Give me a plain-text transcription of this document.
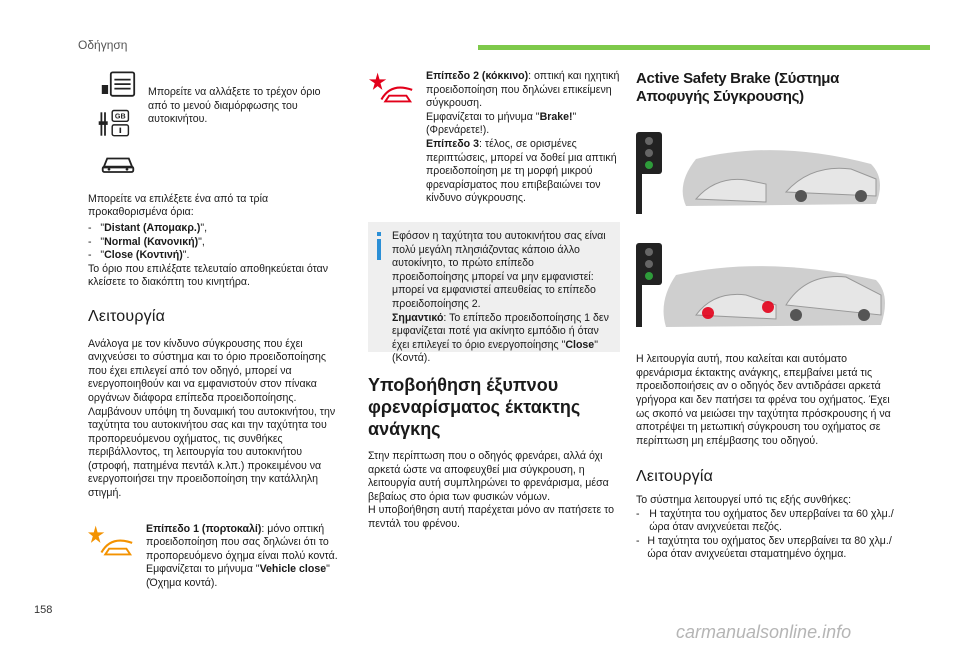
Οδήγηση
GB
Μπορείτε να αλλάξετε το τρέχον όριο από το μενού διαμόρφωσης του αυτοκινήτου.
Μπορείτε να επιλέξετε ένα από τα τρία προκαθορισμένα όρια:
-   "Distant (Απομακρ.)",
-   "Normal (Κανονική)",
-   "Close (Κοντινή)".
Το όριο που επιλέξατε τελευταίο αποθηκεύεται όταν κλείσετε το διακόπτη του κινητήρα.
Λειτουργία
Ανάλογα με τον κίνδυνο σύγκρουσης που έχει ανιχνεύσει το σύστημα και το όριο προειδοποίησης που έχει επιλεγεί από τον οδηγό, μπορεί να ενεργοποιηθούν και να εμφανιστούν στον πίνακα οργάνων διάφορα επίπεδα προειδοποίησης. Λαμβάνουν υπόψη τη δυναμική του αυτοκινήτου, την ταχύτητα του αυτοκινήτου σας και την ταχύτητα του προπορευόμενου οχήματος, τις συνθήκες περιβάλλοντος, τη λειτουργία του αυτοκινήτου (στροφή, πατημένα πεντάλ κ.λπ.) προκειμένου να ενεργοποιήσει την προειδοποίηση την κατάλληλη στιγμή.
Επίπεδο 1 (πορτοκαλί): μόνο οπτική προειδοποίηση που σας δηλώνει ότι το προπορευόμενο όχημα είναι πολύ κοντά.
Εμφανίζεται το μήνυμα "Vehicle close" (Όχημα κοντά).
Επίπεδο 2 (κόκκινο): οπτική και ηχητική προειδοποίηση που δηλώνει επικείμενη σύγκρουση.
Εμφανίζεται το μήνυμα "Brake!" (Φρενάρετε!).
Επίπεδο 3: τέλος, σε ορισμένες περιπτώσεις, μπορεί να δοθεί μια απτική προειδοποίηση με τη μορφή μικρού φρεναρίσματος που επιβεβαιώνει τον κίνδυνο σύγκρουσης.
Εφόσον η ταχύτητα του αυτοκινήτου σας είναι πολύ μεγάλη πλησιάζοντας κάποιο άλλο αυτοκίνητο, το πρώτο επίπεδο προειδοποίησης μπορεί να μην εμφανιστεί: μπορεί να εμφανιστεί απευθείας το επίπεδο προειδοποίησης 2.
Σημαντικό: Το επίπεδο προειδοποίησης 1 δεν εμφανίζεται ποτέ για ακίνητο εμπόδιο ή όταν έχει επιλεγεί το όριο ενεργοποίησης "Close" (Κοντά).
Υποβοήθηση έξυπνου φρεναρίσματος έκτακτης ανάγκης
Στην περίπτωση που ο οδηγός φρενάρει, αλλά όχι αρκετά ώστε να αποφευχθεί μια σύγκρουση, η λειτουργία αυτή συμπληρώνει το φρενάρισμα, μέσα βεβαίως στο όρια των φυσικών νόμων.
Η υποβοήθηση αυτή παρέχεται μόνο αν πατήσετε το πεντάλ του φρένου.
Active Safety Brake (Σύστημα Αποφυγής Σύγκρουσης)

Η λειτουργία αυτή, που καλείται και αυτόματο φρενάρισμα έκτακτης ανάγκης, επεμβαίνει μετά τις προειδοποιήσεις αν ο οδηγός δεν αντιδράσει αρκετά γρήγορα και δεν πατήσει τα φρένα του οχήματος. Έχει ως σκοπό να μειώσει την ταχύτητα πρόσκρουσης ή να αποτρέψει τη μετωπική σύγκρουση του οχήματος σε περίπτωση μη επέμβασης του οδηγού.
Λειτουργία
Το σύστημα λειτουργεί υπό τις εξής συνθήκες:
- Η ταχύτητα του οχήματος δεν υπερβαίνει τα 60 χλμ./ώρα όταν ανιχνεύεται πεζός.
- Η ταχύτητα του οχήματος δεν υπερβαίνει τα 80 χλμ./ώρα όταν ανιχνεύεται σταματημένο όχημα.
158
carmanualsonline.info
